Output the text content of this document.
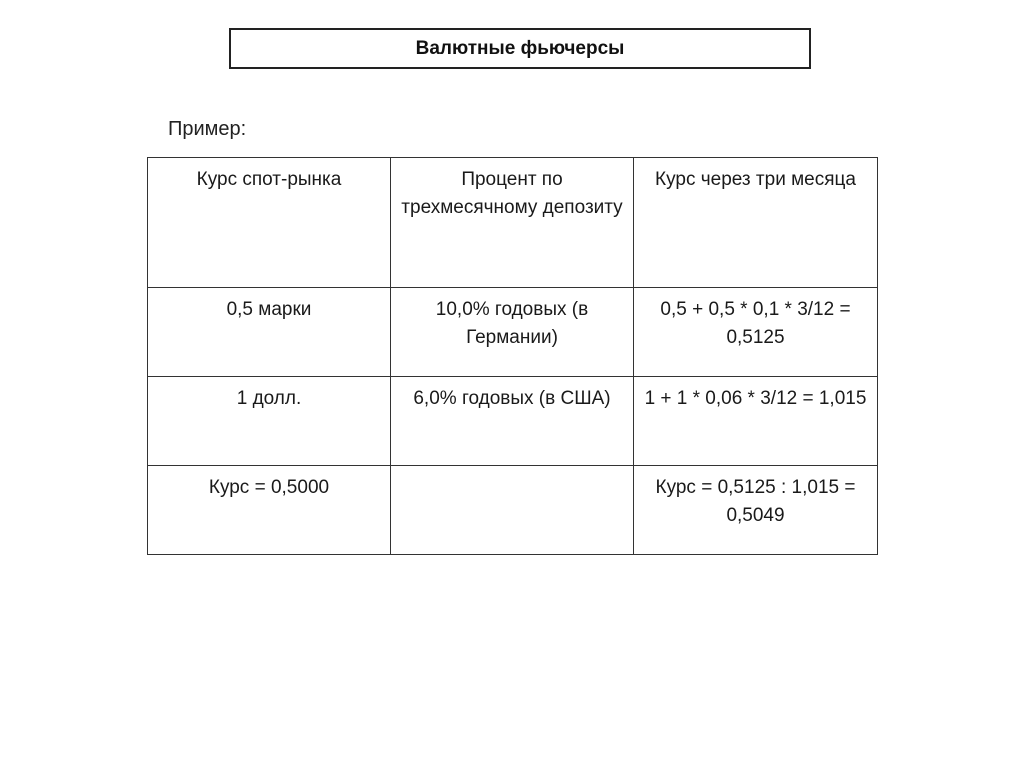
Валютные фьючерсы
Пример:
Курс спот-рынка	Процент по трехмесячному депозиту	Курс через три месяца
0,5 марки	10,0% годовых (в Германии)	0,5 + 0,5 * 0,1 * 3/12 = 0,5125
1 долл.	6,0% годовых (в США)	1 + 1 * 0,06 * 3/12 = 1,015
Курс = 0,5000		Курс = 0,5125 : 1,015 = 0,5049
